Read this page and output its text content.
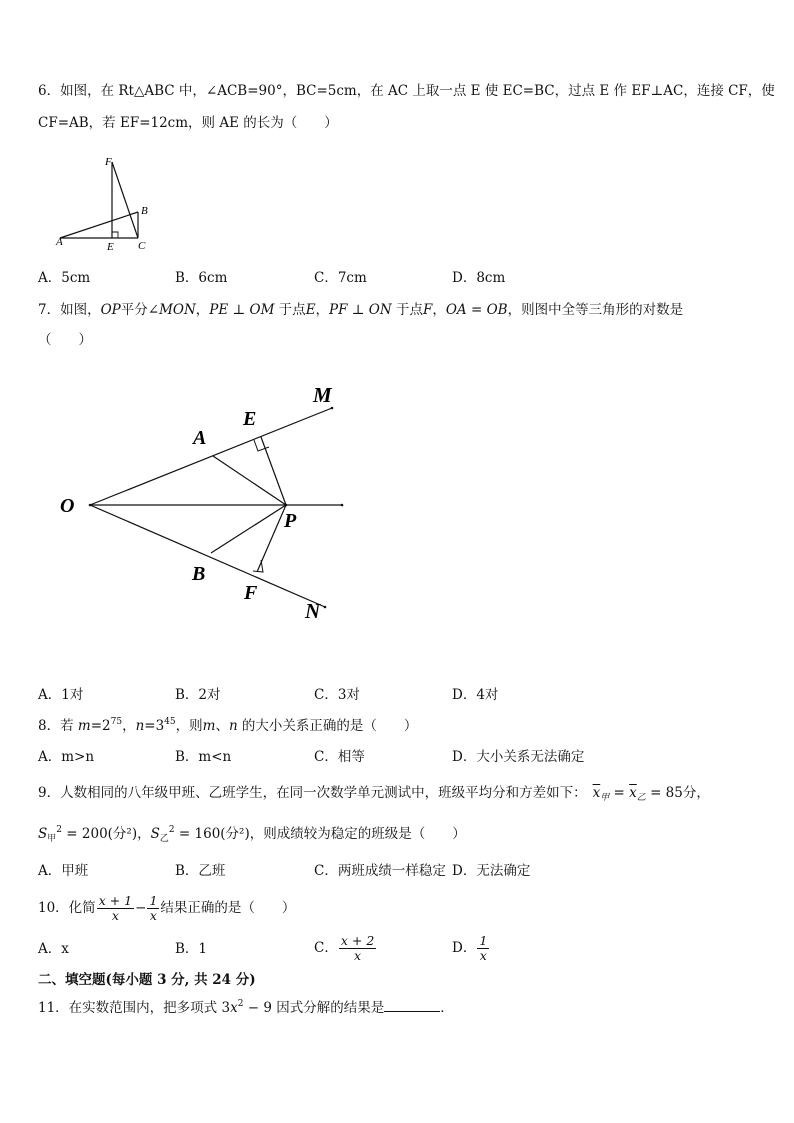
6．如图，在 Rt△ABC 中，∠ACB=90°，BC=5cm，在 AC 上取一点 E 使 EC=BC，过点 E 作 EF⊥AC，连接 CF，使
CF=AB，若 EF=12cm，则 AE 的长为（　　）
F
B
A	E C
A．5cm	B．6cm	C．7cm	D．8cm
7．如图，OP平分∠MON，PE ⊥ OM 于点E，PF ⊥ ON 于点F，OA = OB，则图中全等三角形的对数是
（　　）
M
E
A
O
P
B
F
N
A．1对	B．2对	C．3对	D．4对
8．若 $m=2^{75}$，$n=3^{45}$，则m、n 的大小关系正确的是（　　）
A．m>n	B．m<n	C．相等	D．大小关系无法确定
9．人数相同的八年级甲班、乙班学生，在同一次数学单元测试中，班级平均分和方差如下： $\overline{x}_甲 = \overline{x}_乙 = 85$分，
$S_甲^2 = 200$(分²)，$S_乙^2 = 160$(分²)，则成绩较为稳定的班级是（　　）
A．甲班	B．乙班	C．两班成绩一样稳定 D．无法确定
10．化简 $\frac{x + 1}{x} - \frac{1}{x}$ 结果正确的是（　　）
A．x	B．1	C． $\frac{x + 2}{x}$	D． $\frac{1}{x}$
二、填空题(每小题 3 分, 共 24 分)
11．在实数范围内，把多项式 $3x^2 - 9$ 因式分解的结果是	．
